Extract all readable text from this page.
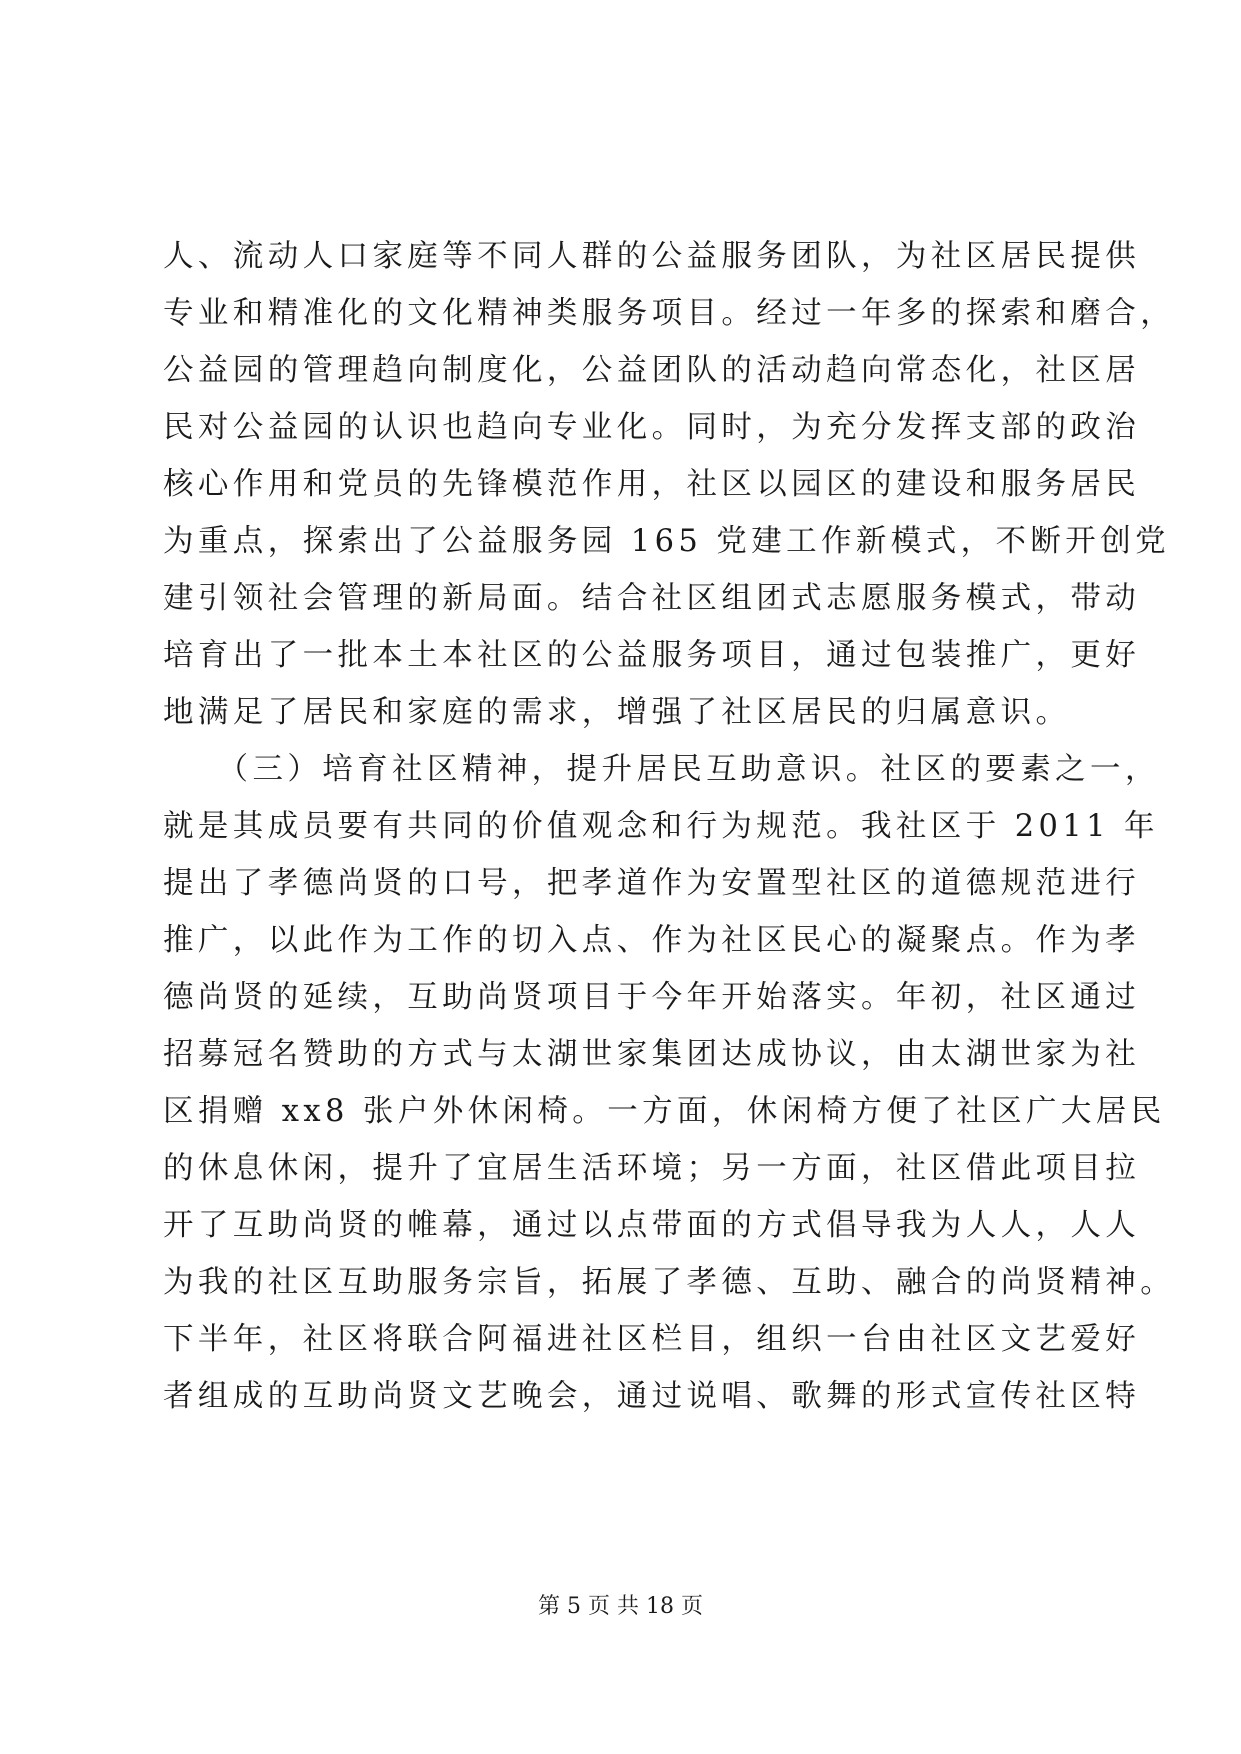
人、流动人口家庭等不同人群的公益服务团队，为社区居民提供
专业和精准化的文化精神类服务项目。经过一年多的探索和磨合，
公益园的管理趋向制度化，公益团队的活动趋向常态化，社区居
民对公益园的认识也趋向专业化。同时，为充分发挥支部的政治
核心作用和党员的先锋模范作用，社区以园区的建设和服务居民
为重点，探索出了公益服务园 165 党建工作新模式，不断开创党
建引领社会管理的新局面。结合社区组团式志愿服务模式，带动
培育出了一批本土本社区的公益服务项目，通过包装推广，更好
地满足了居民和家庭的需求，增强了社区居民的归属意识。
　　（三）培育社区精神，提升居民互助意识。社区的要素之一，
就是其成员要有共同的价值观念和行为规范。我社区于 2011 年
提出了孝德尚贤的口号，把孝道作为安置型社区的道德规范进行
推广，以此作为工作的切入点、作为社区民心的凝聚点。作为孝
德尚贤的延续，互助尚贤项目于今年开始落实。年初，社区通过
招募冠名赞助的方式与太湖世家集团达成协议，由太湖世家为社
区捐赠 xx8 张户外休闲椅。一方面，休闲椅方便了社区广大居民
的休息休闲，提升了宜居生活环境；另一方面，社区借此项目拉
开了互助尚贤的帷幕，通过以点带面的方式倡导我为人人，人人
为我的社区互助服务宗旨，拓展了孝德、互助、融合的尚贤精神。
下半年，社区将联合阿福进社区栏目，组织一台由社区文艺爱好
者组成的互助尚贤文艺晚会，通过说唱、歌舞的形式宣传社区特
第 5 页 共 18 页
